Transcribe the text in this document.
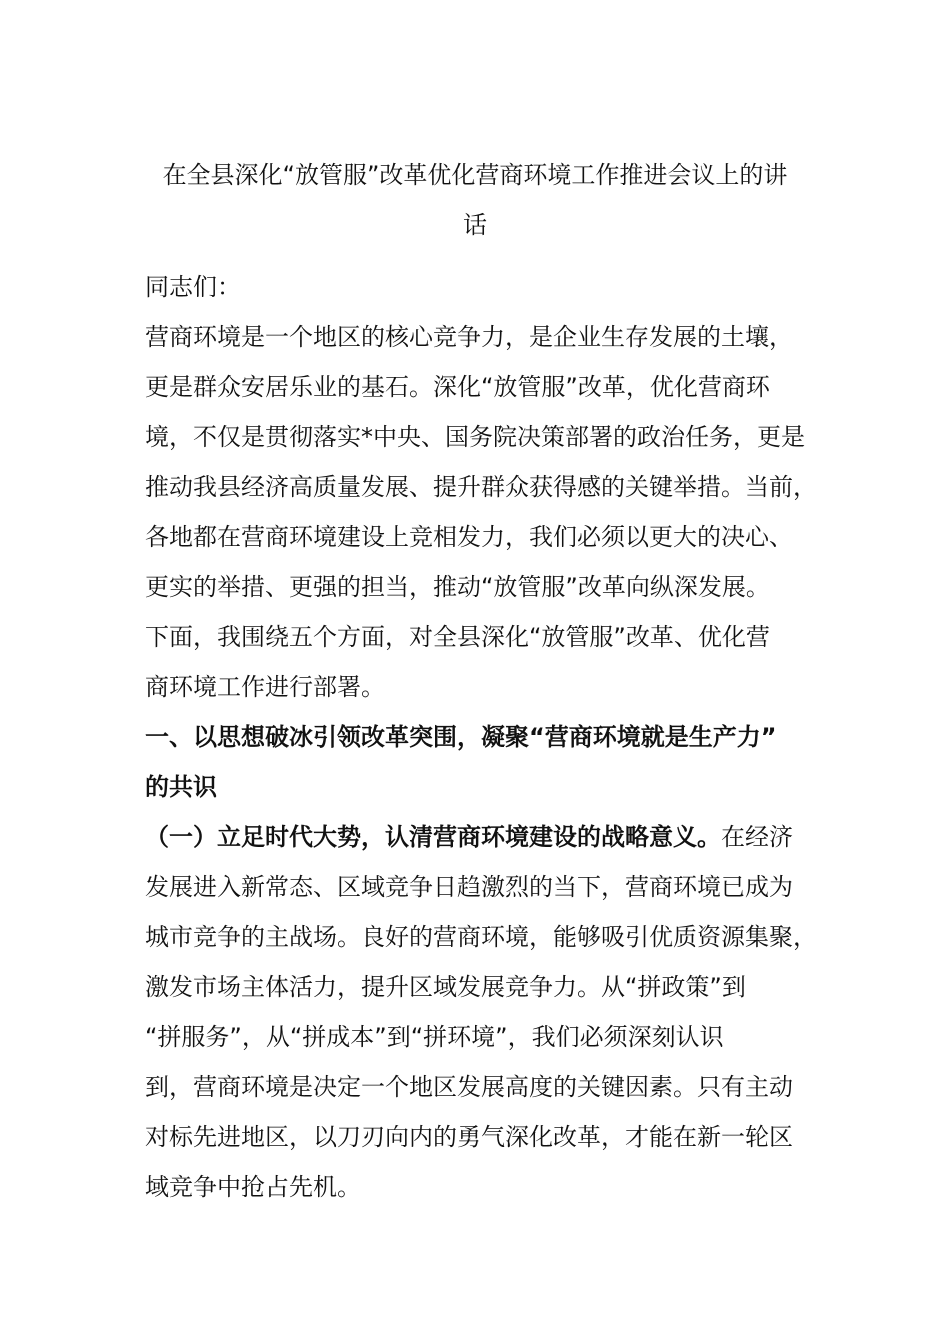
在全县深化“放管服”改革优化营商环境工作推进会议上的讲
话
同志们：
营商环境是一个地区的核心竞争力，是企业生存发展的土壤，
更是群众安居乐业的基石。深化“放管服”改革，优化营商环
境，不仅是贯彻落实*中央、国务院决策部署的政治任务，更是
推动我县经济高质量发展、提升群众获得感的关键举措。当前，
各地都在营商环境建设上竞相发力，我们必须以更大的决心、
更实的举措、更强的担当，推动“放管服”改革向纵深发展。
下面，我围绕五个方面，对全县深化“放管服”改革、优化营
商环境工作进行部署。
一、以思想破冰引领改革突围，凝聚“营商环境就是生产力”
的共识
（一）立足时代大势，认清营商环境建设的战略意义。在经济
发展进入新常态、区域竞争日趋激烈的当下，营商环境已成为
城市竞争的主战场。良好的营商环境，能够吸引优质资源集聚，
激发市场主体活力，提升区域发展竞争力。从“拼政策”到
“拼服务”，从“拼成本”到“拼环境”，我们必须深刻认识
到，营商环境是决定一个地区发展高度的关键因素。只有主动
对标先进地区，以刀刃向内的勇气深化改革，才能在新一轮区
域竞争中抢占先机。
